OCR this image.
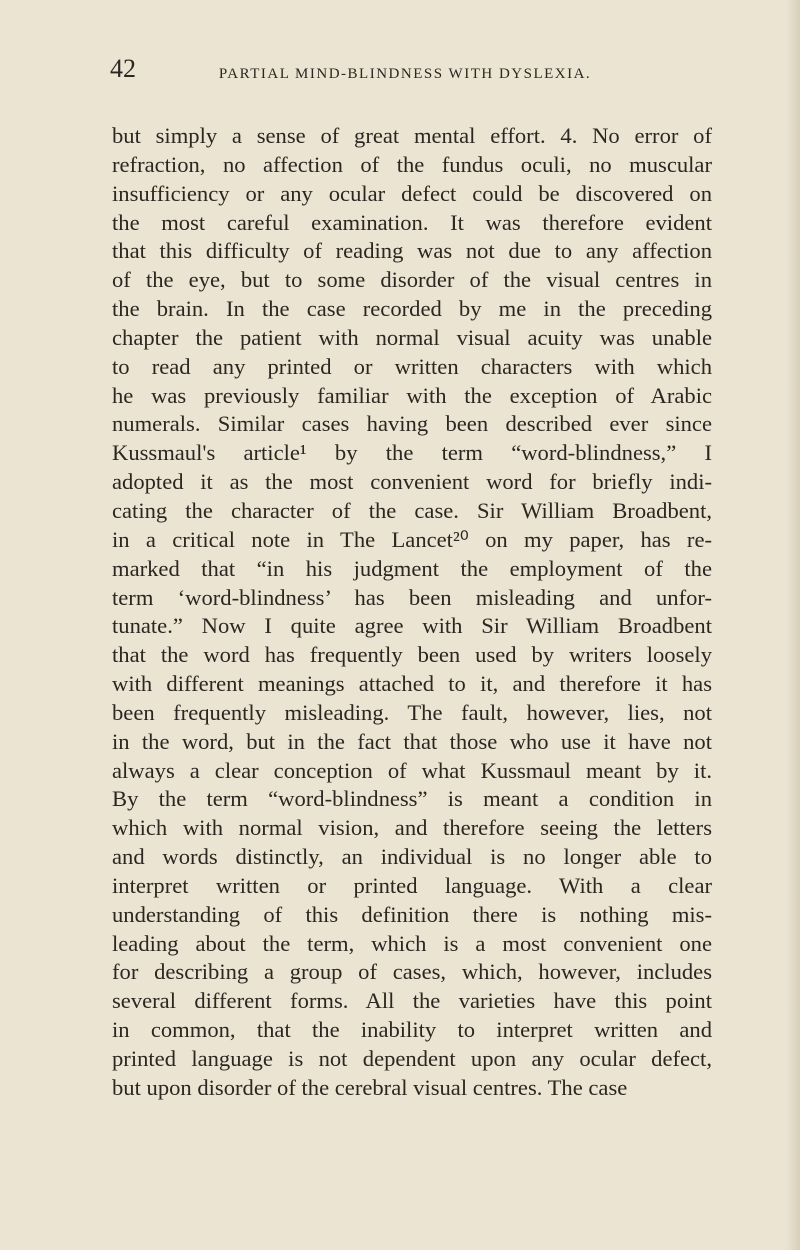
42	PARTIAL MIND-BLINDNESS WITH DYSLEXIA.
but simply a sense of great mental effort. 4. No error of
refraction, no affection of the fundus oculi, no muscular
insufficiency or any ocular defect could be discovered on
the most careful examination. It was therefore evident
that this difficulty of reading was not due to any affection
of the eye, but to some disorder of the visual centres in
the brain. In the case recorded by me in the preceding
chapter the patient with normal visual acuity was unable
to read any printed or written characters with which
he was previously familiar with the exception of Arabic
numerals. Similar cases having been described ever since
Kussmaul's article¹ by the term “word-blindness,” I
adopted it as the most convenient word for briefly indi-
cating the character of the case. Sir William Broadbent,
in a critical note in The Lancet²⁰ on my paper, has re-
marked that “in his judgment the employment of the
term ‘word-blindness’ has been misleading and unfor-
tunate.” Now I quite agree with Sir William Broadbent
that the word has frequently been used by writers loosely
with different meanings attached to it, and therefore it has
been frequently misleading. The fault, however, lies, not
in the word, but in the fact that those who use it have not
always a clear conception of what Kussmaul meant by it.
By the term “word-blindness” is meant a condition in
which with normal vision, and therefore seeing the letters
and words distinctly, an individual is no longer able to
interpret written or printed language. With a clear
understanding of this definition there is nothing mis-
leading about the term, which is a most convenient one
for describing a group of cases, which, however, includes
several different forms. All the varieties have this point
in common, that the inability to interpret written and
printed language is not dependent upon any ocular defect,
but upon disorder of the cerebral visual centres. The case
